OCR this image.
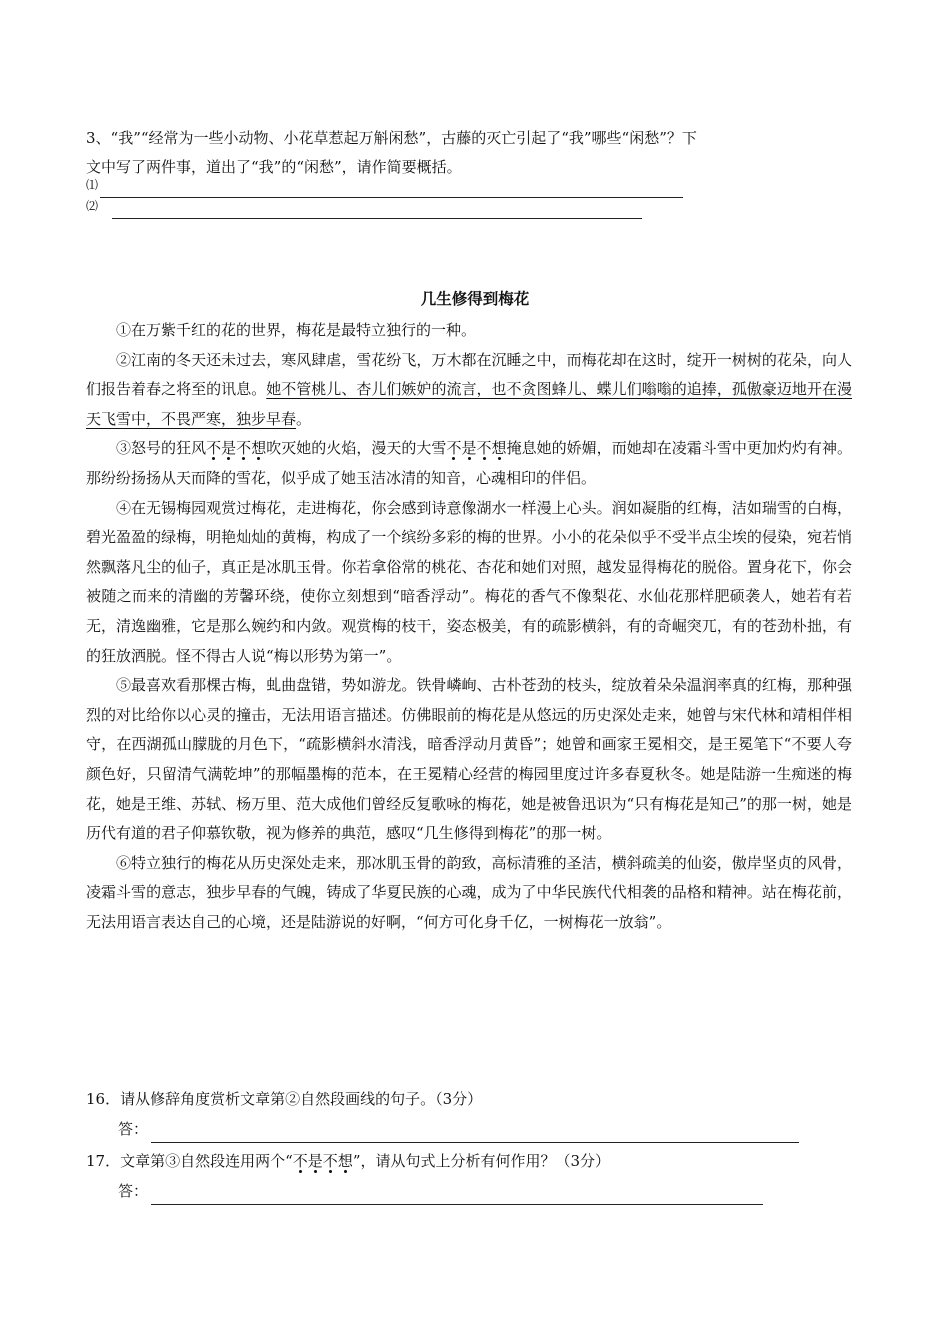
3、“我”“经常为一些小动物、小花草惹起万斛闲愁”，古藤的灭亡引起了“我”哪些“闲愁”？下
文中写了两件事，道出了“我”的“闲愁”，请作简要概括。
⑴
⑵
几生修得到梅花

①在万紫千红的花的世界，梅花是最特立独行的一种。

②江南的冬天还未过去，寒风肆虐，雪花纷飞，万木都在沉睡之中，而梅花却在这时，绽开一树树的花朵，向人们报告着春之将至的讯息。她不管桃儿、杏儿们嫉妒的流言，也不贪图蜂儿、蝶儿们嗡嗡的追捧，孤傲豪迈地开在漫天飞雪中，不畏严寒，独步早春。

③怒号的狂风不是不想吹灭她的火焰，漫天的大雪不是不想掩息她的娇媚，而她却在凌霜斗雪中更加灼灼有神。那纷纷扬扬从天而降的雪花，似乎成了她玉洁冰清的知音，心魂相印的伴侣。

④在无锡梅园观赏过梅花，走进梅花，你会感到诗意像湖水一样漫上心头。润如凝脂的红梅，洁如瑞雪的白梅，碧光盈盈的绿梅，明艳灿灿的黄梅，构成了一个缤纷多彩的梅的世界。小小的花朵似乎不受半点尘埃的侵染，宛若悄然飘落凡尘的仙子，真正是冰肌玉骨。你若拿俗常的桃花、杏花和她们对照，越发显得梅花的脱俗。置身花下，你会被随之而来的清幽的芳馨环绕，使你立刻想到“暗香浮动”。梅花的香气不像梨花、水仙花那样肥硕袭人，她若有若无，清逸幽雅，它是那么婉约和内敛。观赏梅的枝干，姿态极美，有的疏影横斜，有的奇崛突兀，有的苍劲朴拙，有的狂放洒脱。怪不得古人说“梅以形势为第一”。

⑤最喜欢看那棵古梅，虬曲盘错，势如游龙。铁骨嶙峋、古朴苍劲的枝头，绽放着朵朵温润率真的红梅，那种强烈的对比给你以心灵的撞击，无法用语言描述。仿佛眼前的梅花是从悠远的历史深处走来，她曾与宋代林和靖相伴相守，在西湖孤山朦胧的月色下，“疏影横斜水清浅，暗香浮动月黄昏”；她曾和画家王冕相交，是王冕笔下“不要人夸颜色好，只留清气满乾坤”的那幅墨梅的范本，在王冕精心经营的梅园里度过许多春夏秋冬。她是陆游一生痴迷的梅花，她是王维、苏轼、杨万里、范大成他们曾经反复歌咏的梅花，她是被鲁迅识为“只有梅花是知己”的那一树，她是历代有道的君子仰慕钦敬，视为修养的典范，感叹“几生修得到梅花”的那一树。

⑥特立独行的梅花从历史深处走来，那冰肌玉骨的韵致，高标清雅的圣洁，横斜疏美的仙姿，傲岸坚贞的风骨，凌霜斗雪的意志，独步早春的气魄，铸成了华夏民族的心魂，成为了中华民族代代相袭的品格和精神。站在梅花前，无法用语言表达自己的心境，还是陆游说的好啊，“何方可化身千亿，一树梅花一放翁”。

16．请从修辞角度赏析文章第②自然段画线的句子。（3分）
答：
17．文章第③自然段连用两个“不是不想”，请从句式上分析有何作用？（3分）
答：
